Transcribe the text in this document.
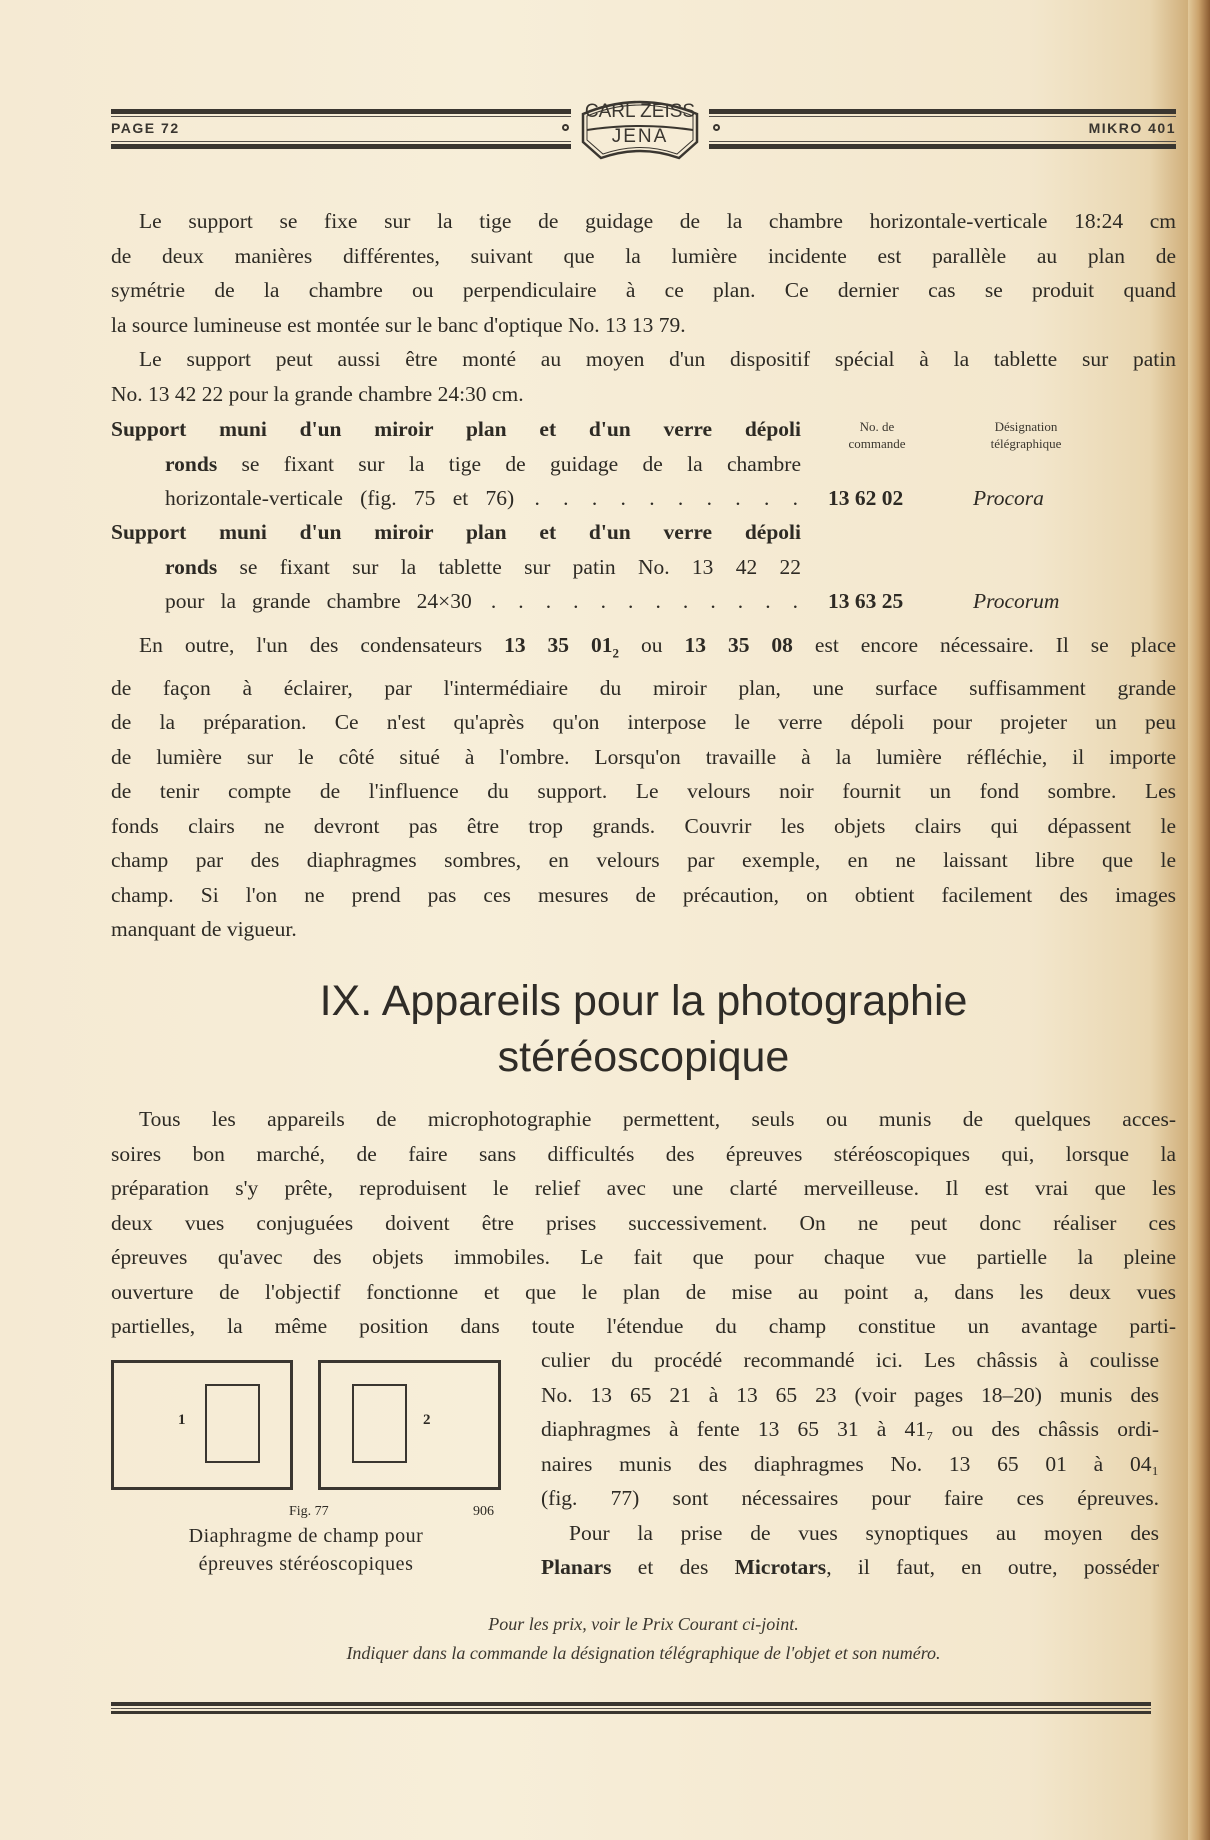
PAGE 72
CARL ZEISS
JENA	MIKRO 401
Le support se fixe sur la tige de guidage de la chambre horizontale-verticale 18:24 cm
de deux manières différentes, suivant que la lumière incidente est parallèle au plan de
symétrie de la chambre ou perpendiculaire à ce plan. Ce dernier cas se produit quand
la source lumineuse est montée sur le banc d'optique No. 13 13 79.
Le support peut aussi être monté au moyen d'un dispositif spécial à la tablette sur patin
No. 13 42 22 pour la grande chambre 24:30 cm.
No. de
commande
Désignation
télégraphique
Support muni d'un miroir plan et d'un verre dépoli
ronds se fixant sur la tige de guidage de la chambre
horizontale-verticale (fig. 75 et 76) . . . . . . . . . . 13 62 02	Procora
Support muni d'un miroir plan et d'un verre dépoli
ronds se fixant sur la tablette sur patin No. 13 42 22
pour la grande chambre 24×30 . . . . . . . . . . . . 13 63 25	Procorum
En outre, l'un des condensateurs 13 35 $01_2$ ou 13 35 08 est encore nécessaire. Il se place
de façon à éclairer, par l'intermédiaire du miroir plan, une surface suffisamment grande
de la préparation. Ce n'est qu'après qu'on interpose le verre dépoli pour projeter un peu
de lumière sur le côté situé à l'ombre. Lorsqu'on travaille à la lumière réfléchie, il importe
de tenir compte de l'influence du support. Le velours noir fournit un fond sombre. Les
fonds clairs ne devront pas être trop grands. Couvrir les objets clairs qui dépassent le
champ par des diaphragmes sombres, en velours par exemple, en ne laissant libre que le
champ. Si l'on ne prend pas ces mesures de précaution, on obtient facilement des images
manquant de vigueur.
IX. Appareils pour la photographie
stéréoscopique
Tous les appareils de microphotographie permettent, seuls ou munis de quelques acces-
soires bon marché, de faire sans difficultés des épreuves stéréoscopiques qui, lorsque la
préparation s'y prête, reproduisent le relief avec une clarté merveilleuse. Il est vrai que les
deux vues conjuguées doivent être prises successivement. On ne peut donc réaliser ces
épreuves qu'avec des objets immobiles. Le fait que pour chaque vue partielle la pleine
ouverture de l'objectif fonctionne et que le plan de mise au point a, dans les deux vues
partielles, la même position dans toute l'étendue du champ constitue un avantage parti-
1	2
Fig. 77	906
Diaphragme de champ pour
épreuves stéréoscopiques
culier du procédé recommandé ici. Les châssis à coulisse
No. 13 65 21 à 13 65 23 (voir pages 18–20) munis des
diaphragmes à fente 13 65 31 à 41₇ ou des châssis ordi-
naires munis des diaphragmes No. 13 65 01 à 04₁
(fig. 77) sont nécessaires pour faire ces épreuves.
Pour la prise de vues synoptiques au moyen des
Planars et des Microtars, il faut, en outre, posséder
Pour les prix, voir le Prix Courant ci-joint.
Indiquer dans la commande la désignation télégraphique de l'objet et son numéro.
